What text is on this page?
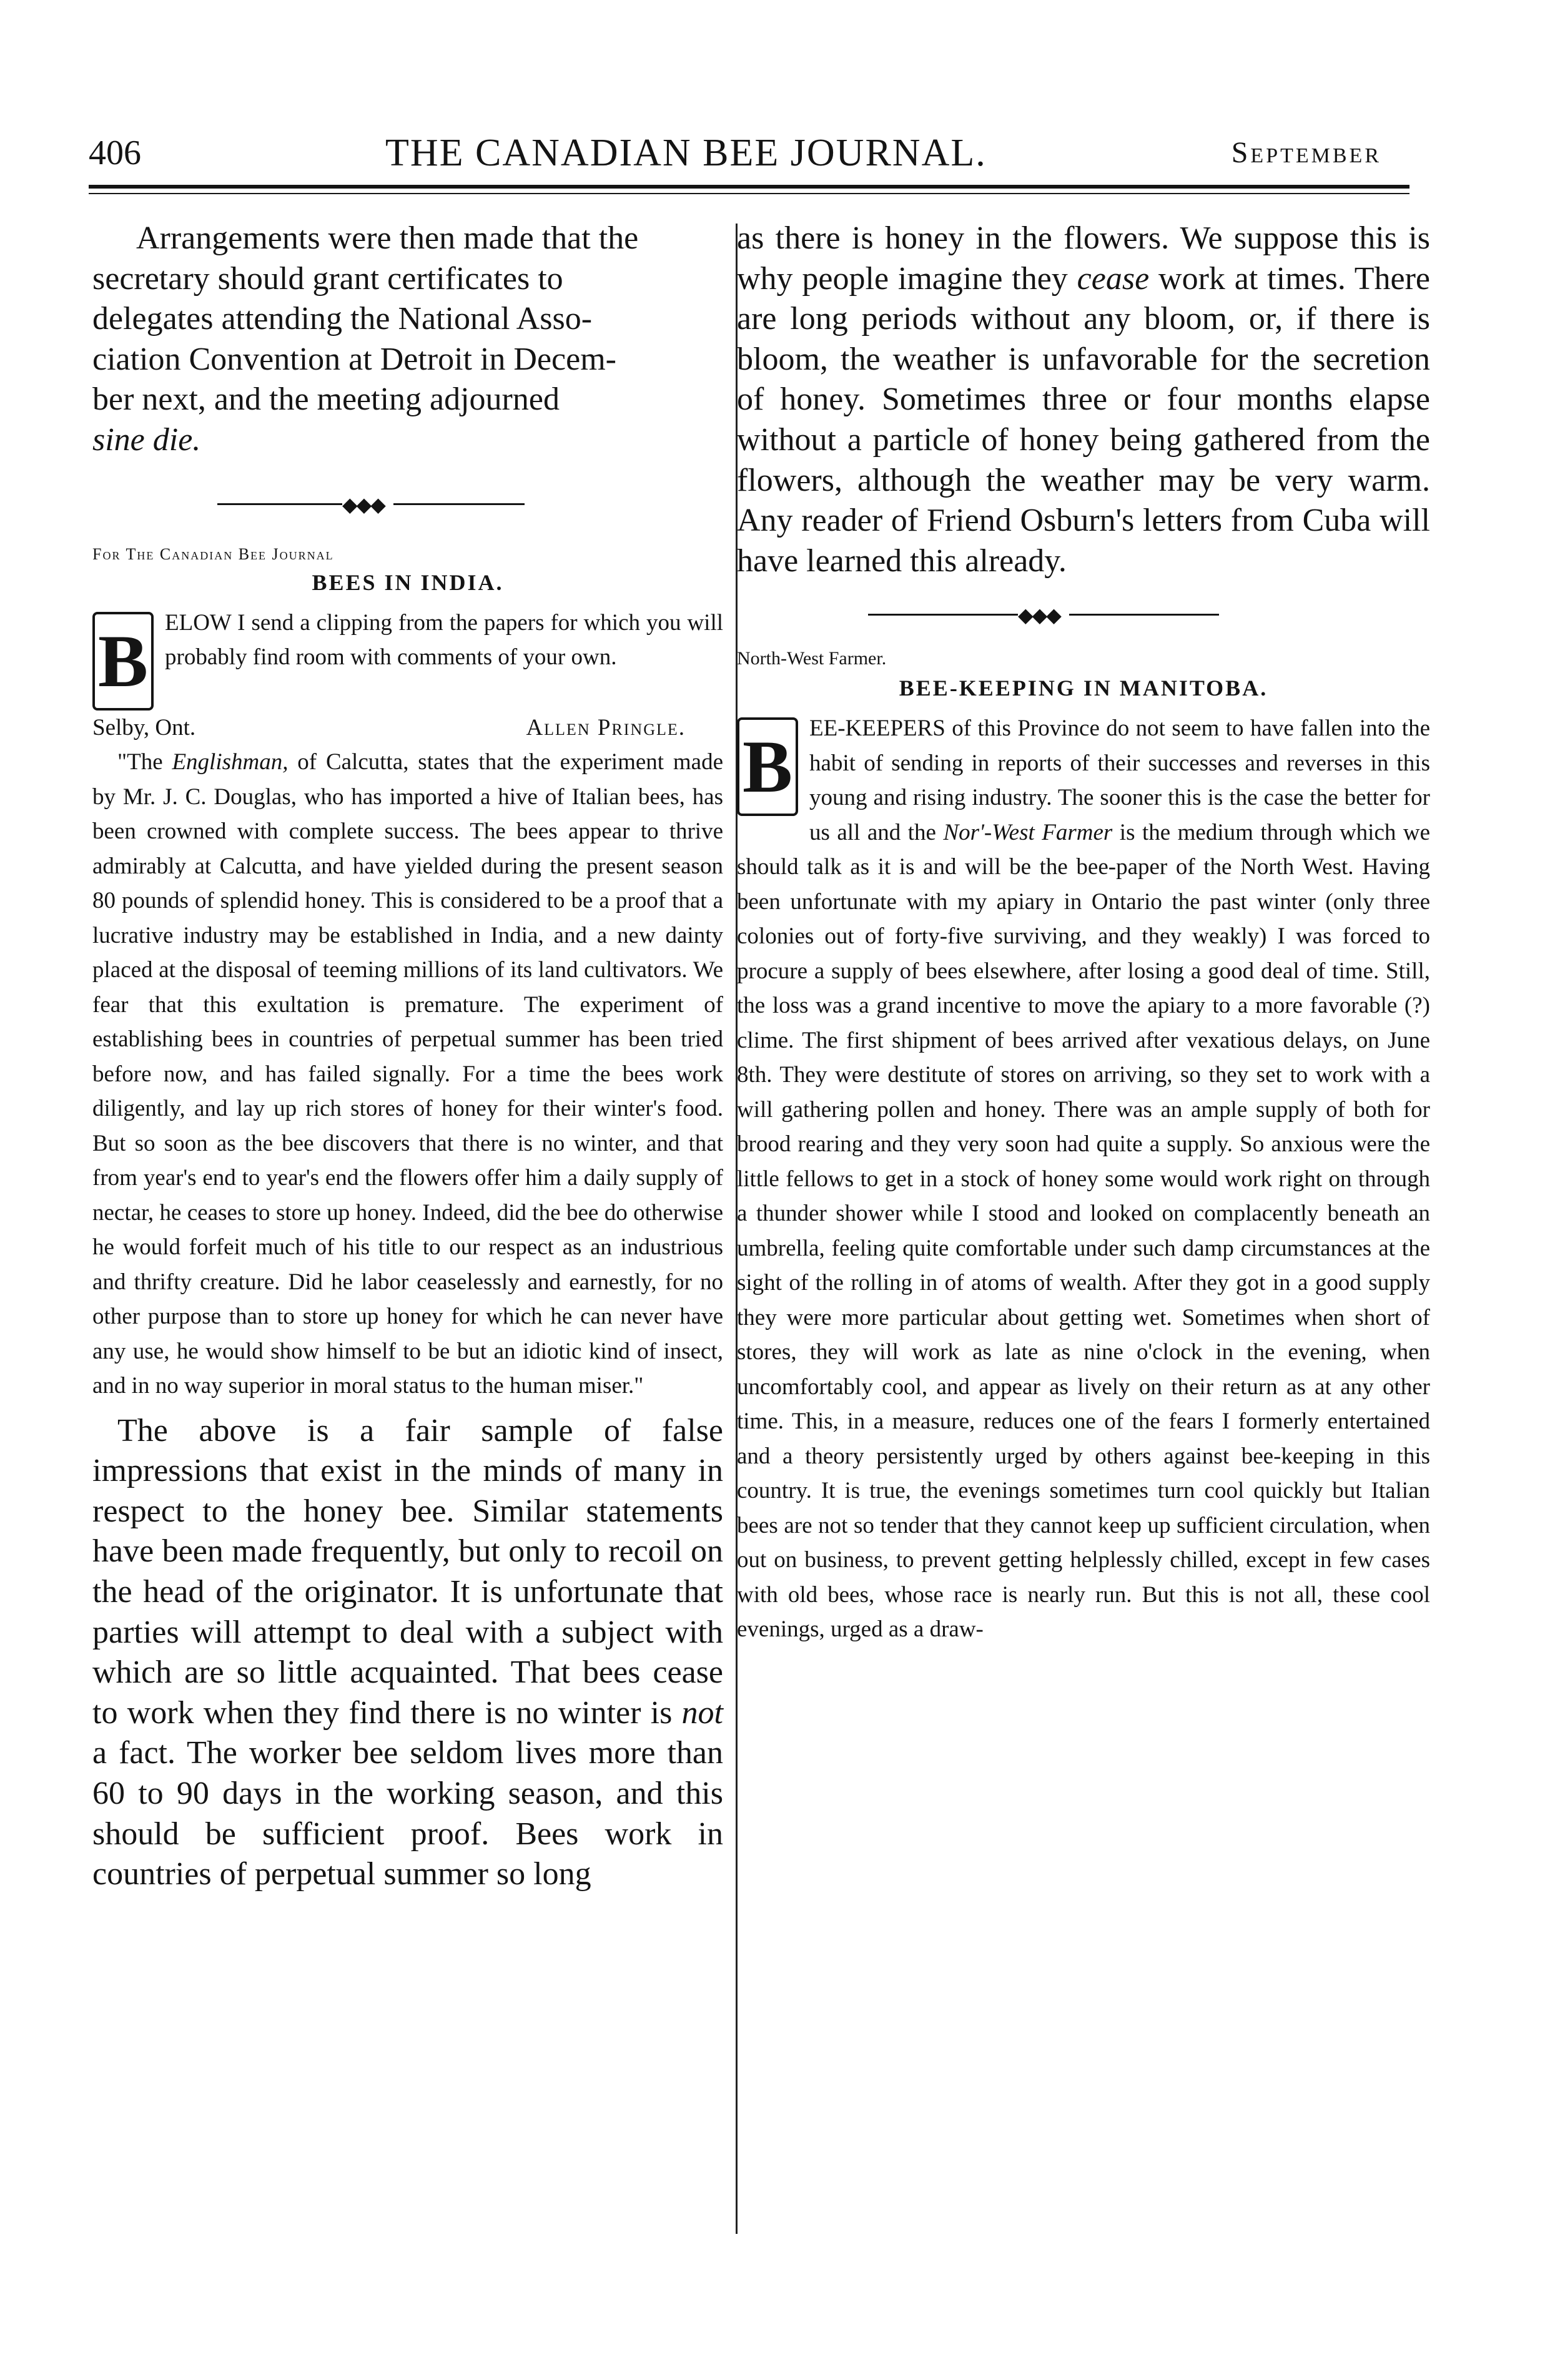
406	THE CANADIAN BEE JOURNAL.	September
Arrangements were then made that the
secretary should grant certificates to
delegates attending the National Asso-
ciation Convention at Detroit in Decem-
ber next, and the meeting adjourned
sine die.
◆◆◆
For The Canadian Bee Journal
BEES IN INDIA.
B ELOW I send a clipping from the papers for which you will probably find room with comments of your own.

Selby, Ont.	Allen Pringle.

"The Englishman, of Calcutta, states that the experiment made by Mr. J. C. Douglas, who has imported a hive of Italian bees, has been crowned with complete success. The bees appear to thrive admirably at Calcutta, and have yielded during the present season 80 pounds of splendid honey. This is considered to be a proof that a lucrative industry may be established in India, and a new dainty placed at the disposal of teeming millions of its land cultivators. We fear that this exultation is premature. The experiment of establishing bees in countries of perpetual summer has been tried before now, and has failed signally. For a time the bees work diligently, and lay up rich stores of honey for their winter's food. But so soon as the bee discovers that there is no winter, and that from year's end to year's end the flowers offer him a daily supply of nectar, he ceases to store up honey. Indeed, did the bee do otherwise he would forfeit much of his title to our respect as an industrious and thrifty creature. Did he labor ceaselessly and earnestly, for no other purpose than to store up honey for which he can never have any use, he would show himself to be but an idiotic kind of insect, and in no way superior in moral status to the human miser."

The above is a fair sample of false impressions that exist in the minds of many in respect to the honey bee. Similar statements have been made frequently, but only to recoil on the head of the originator. It is unfortunate that parties will attempt to deal with a subject with which are so little acquainted. That bees cease to work when they find there is no winter is not a fact. The worker bee seldom lives more than 60 to 90 days in the working season, and this should be sufficient proof. Bees work in countries of perpetual summer so long

as there is honey in the flowers. We suppose this is why people imagine they cease work at times. There are long periods without any bloom, or, if there is bloom, the weather is unfavorable for the secretion of honey. Sometimes three or four months elapse without a particle of honey being gathered from the flowers, although the weather may be very warm. Any reader of Friend Osburn's letters from Cuba will have learned this already.

◆◆◆
North-West Farmer.
BEE-KEEPING IN MANITOBA.
B EE-KEEPERS of this Province do not seem to have fallen into the habit of sending in reports of their successes and reverses in this young and rising industry. The sooner this is the case the better for us all and the Nor'-West Farmer is the medium through which we should talk as it is and will be the bee-paper of the North West. Having been unfortunate with my apiary in Ontario the past winter (only three colonies out of forty-five surviving, and they weakly) I was forced to procure a supply of bees elsewhere, after losing a good deal of time. Still, the loss was a grand incentive to move the apiary to a more favorable (?) clime. The first shipment of bees arrived after vexatious delays, on June 8th. They were destitute of stores on arriving, so they set to work with a will gathering pollen and honey. There was an ample supply of both for brood rearing and they very soon had quite a supply. So anxious were the little fellows to get in a stock of honey some would work right on through a thunder shower while I stood and looked on complacently beneath an umbrella, feeling quite comfortable under such damp circumstances at the sight of the rolling in of atoms of wealth. After they got in a good supply they were more particular about getting wet. Sometimes when short of stores, they will work as late as nine o'clock in the evening, when uncomfortably cool, and appear as lively on their return as at any other time. This, in a measure, reduces one of the fears I formerly entertained and a theory persistently urged by others against bee-keeping in this country. It is true, the evenings sometimes turn cool quickly but Italian bees are not so tender that they cannot keep up sufficient circulation, when out on business, to prevent getting helplessly chilled, except in few cases with old bees, whose race is nearly run. But this is not all, these cool evenings, urged as a draw-
